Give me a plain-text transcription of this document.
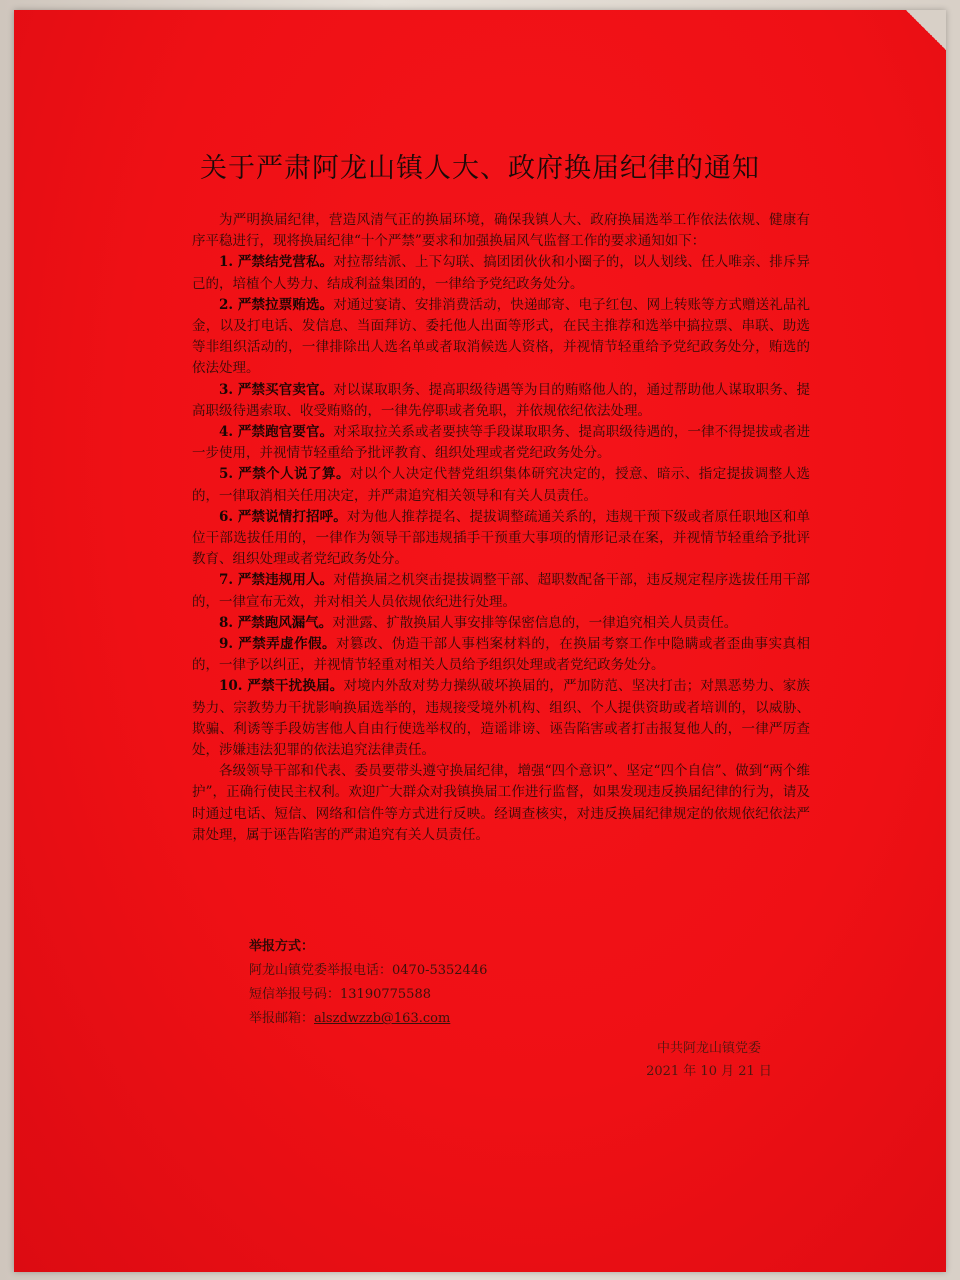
关于严肃阿龙山镇人大、政府换届纪律的通知

为严明换届纪律，营造风清气正的换届环境，确保我镇人大、政府换届选举工作依法依规、健康有序平稳进行，现将换届纪律“十个严禁”要求和加强换届风气监督工作的要求通知如下：

1. 严禁结党营私。对拉帮结派、上下勾联、搞团团伙伙和小圈子的，以人划线、任人唯亲、排斥异己的，培植个人势力、结成利益集团的，一律给予党纪政务处分。

2. 严禁拉票贿选。对通过宴请、安排消费活动，快递邮寄、电子红包、网上转账等方式赠送礼品礼金，以及打电话、发信息、当面拜访、委托他人出面等形式，在民主推荐和选举中搞拉票、串联、助选等非组织活动的，一律排除出人选名单或者取消候选人资格，并视情节轻重给予党纪政务处分，贿选的依法处理。

3. 严禁买官卖官。对以谋取职务、提高职级待遇等为目的贿赂他人的，通过帮助他人谋取职务、提高职级待遇索取、收受贿赂的，一律先停职或者免职，并依规依纪依法处理。

4. 严禁跑官要官。对采取拉关系或者要挟等手段谋取职务、提高职级待遇的，一律不得提拔或者进一步使用，并视情节轻重给予批评教育、组织处理或者党纪政务处分。

5. 严禁个人说了算。对以个人决定代替党组织集体研究决定的，授意、暗示、指定提拔调整人选的，一律取消相关任用决定，并严肃追究相关领导和有关人员责任。

6. 严禁说情打招呼。对为他人推荐提名、提拔调整疏通关系的，违规干预下级或者原任职地区和单位干部选拔任用的，一律作为领导干部违规插手干预重大事项的情形记录在案，并视情节轻重给予批评教育、组织处理或者党纪政务处分。

7. 严禁违规用人。对借换届之机突击提拔调整干部、超职数配备干部，违反规定程序选拔任用干部的，一律宣布无效，并对相关人员依规依纪进行处理。

8. 严禁跑风漏气。对泄露、扩散换届人事安排等保密信息的，一律追究相关人员责任。

9. 严禁弄虚作假。对篡改、伪造干部人事档案材料的，在换届考察工作中隐瞒或者歪曲事实真相的，一律予以纠正，并视情节轻重对相关人员给予组织处理或者党纪政务处分。

10. 严禁干扰换届。对境内外敌对势力操纵破坏换届的，严加防范、坚决打击；对黑恶势力、家族势力、宗教势力干扰影响换届选举的，违规接受境外机构、组织、个人提供资助或者培训的，以威胁、欺骗、利诱等手段妨害他人自由行使选举权的，造谣诽谤、诬告陷害或者打击报复他人的，一律严厉查处，涉嫌违法犯罪的依法追究法律责任。

各级领导干部和代表、委员要带头遵守换届纪律，增强“四个意识”、坚定“四个自信”、做到“两个维护”，正确行使民主权利。欢迎广大群众对我镇换届工作进行监督，如果发现违反换届纪律的行为，请及时通过电话、短信、网络和信件等方式进行反映。经调查核实，对违反换届纪律规定的依规依纪依法严肃处理，属于诬告陷害的严肃追究有关人员责任。

举报方式：
阿龙山镇党委举报电话：0470-5352446
短信举报号码：13190775588
举报邮箱：alszdwzzb@163.com
中共阿龙山镇党委
2021 年 10 月 21 日
